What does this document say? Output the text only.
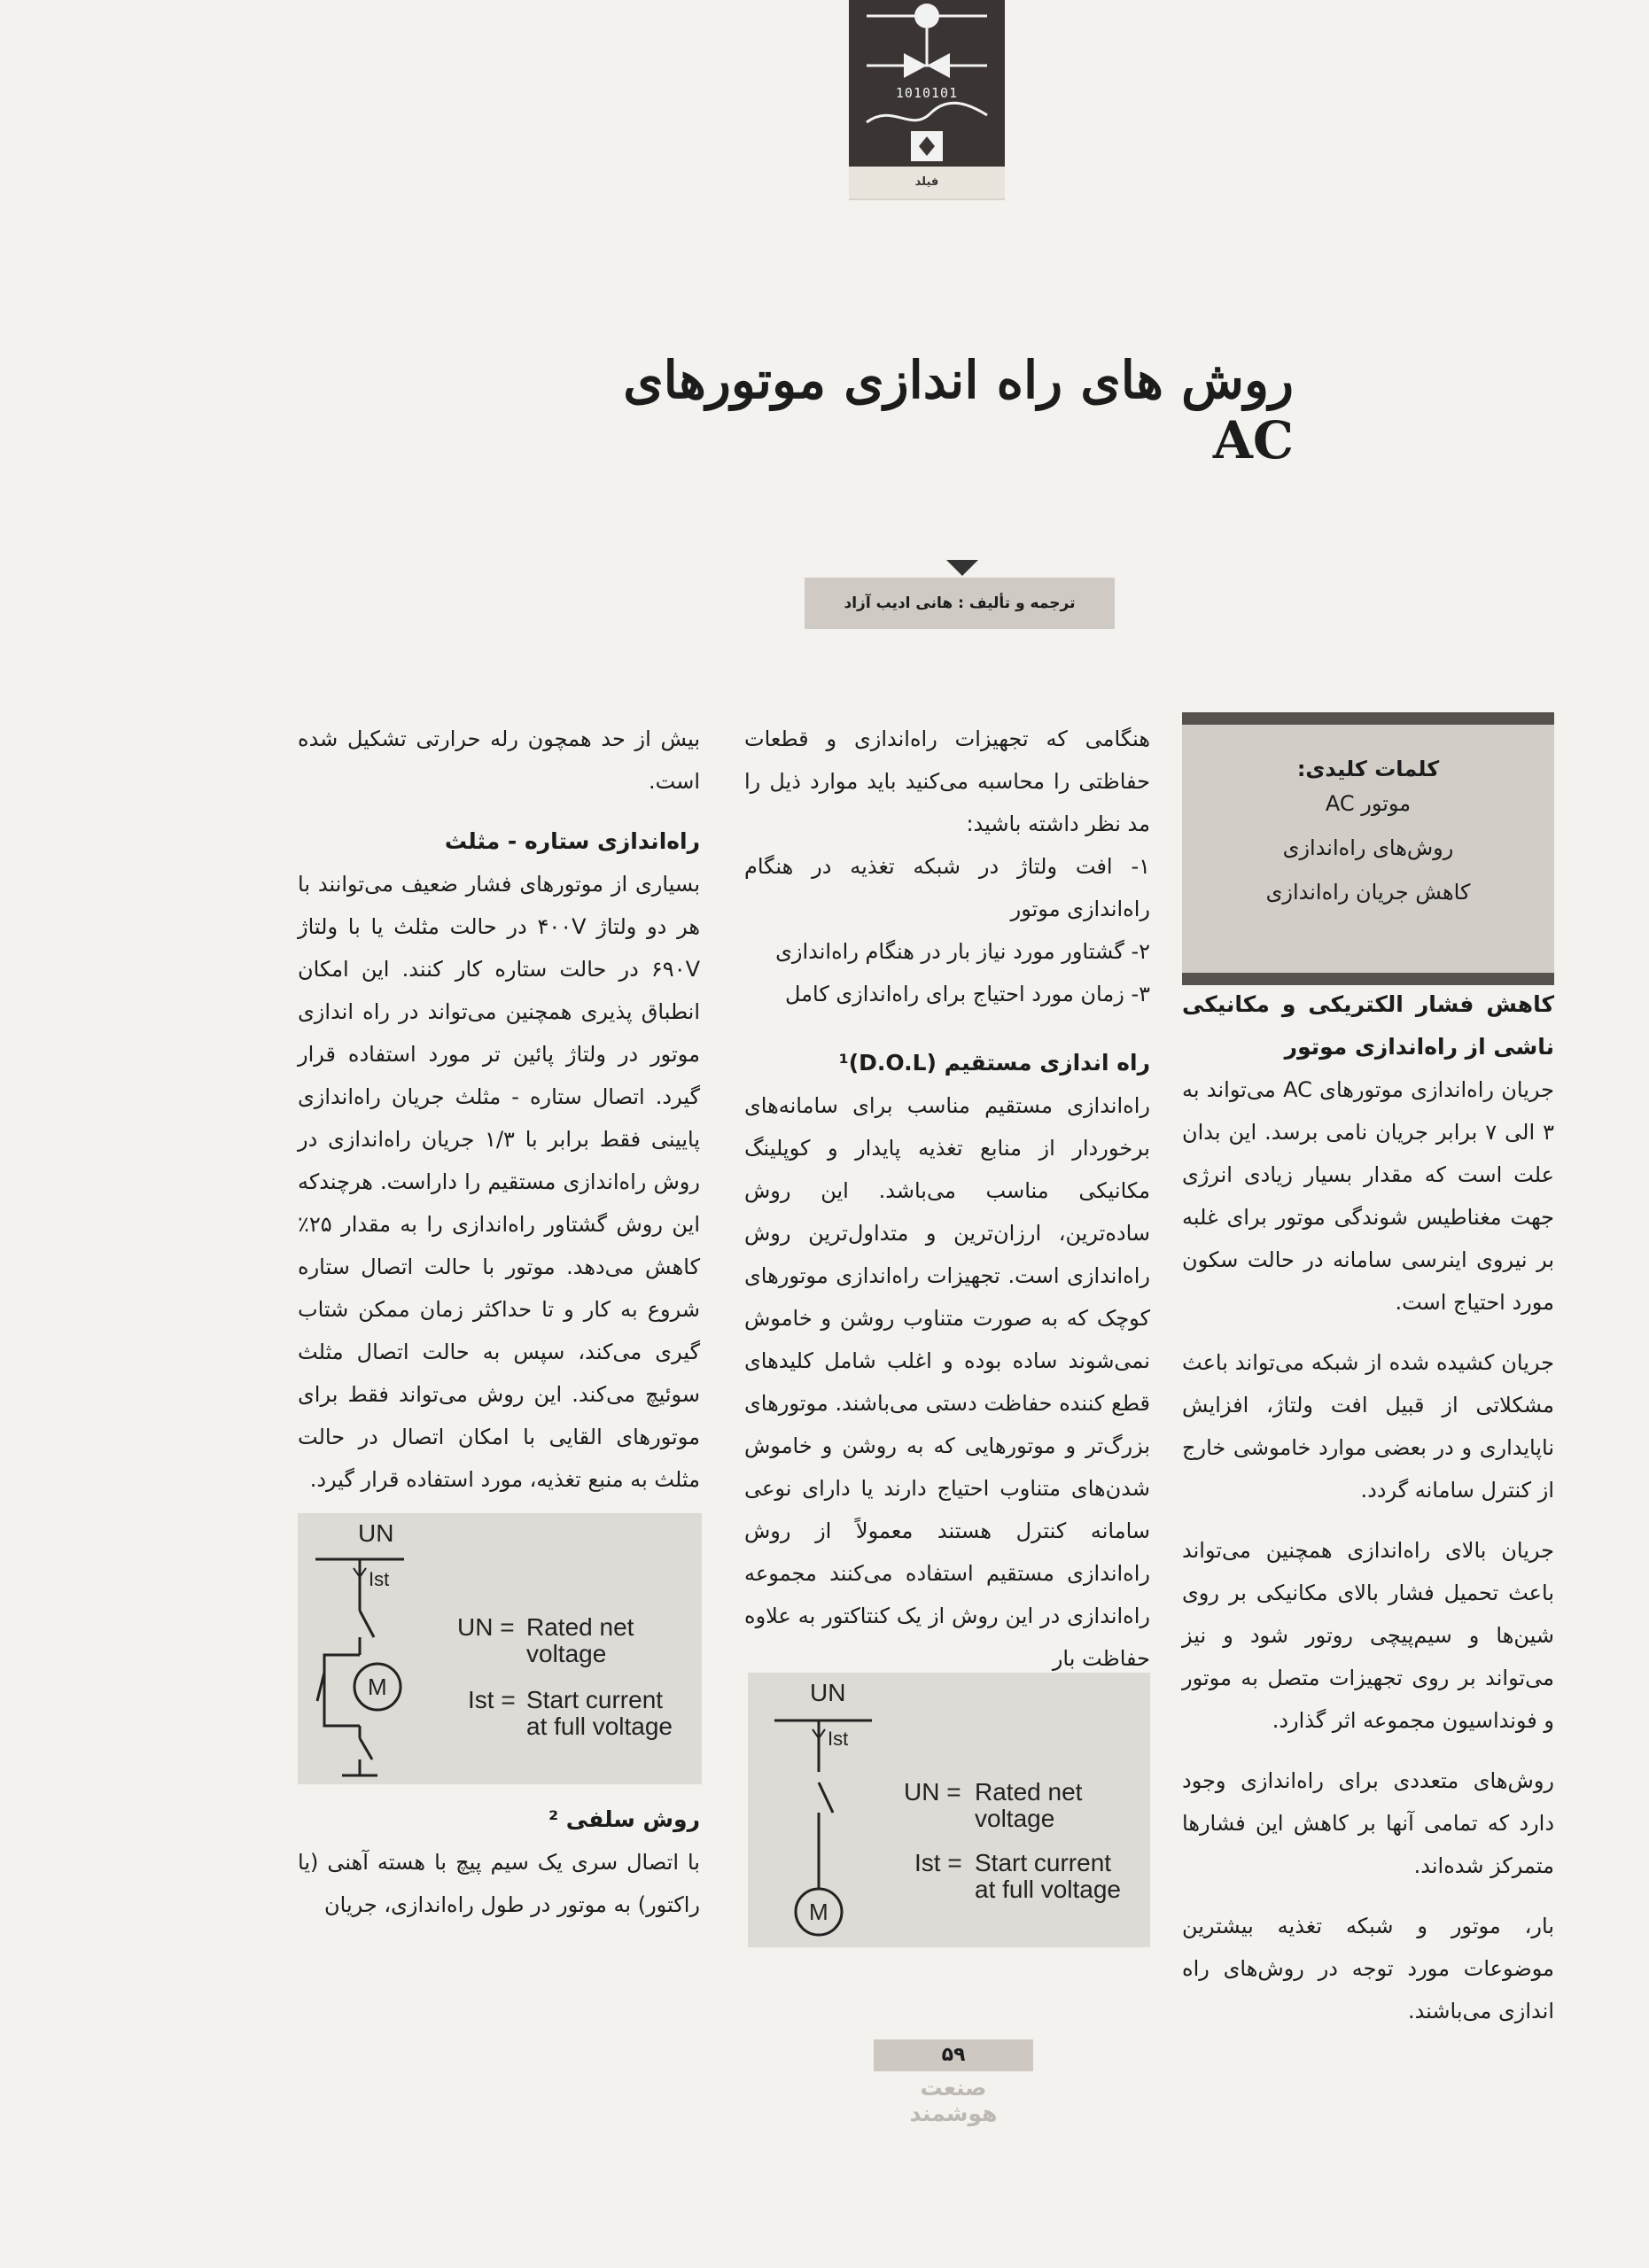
1010101
فیلد
روش های راه اندازی موتورهای AC
ترجمه و تألیف : هانی ادیب آزاد
کلمات کلیدی:
موتور AC
روش‌های راه‌اندازی
کاهش جریان راه‌اندازی
کاهش فشار الکتریکی و مکانیکی ناشی از راه‌اندازی موتور

جریان راه‌اندازی موتورهای AC می‌تواند به ۳ الی ۷ برابر جریان نامی برسد. این بدان علت است که مقدار بسیار زیادی انرژی جهت مغناطیس شوندگی موتور برای غلبه بر نیروی اینرسی سامانه در حالت سکون مورد احتیاج است.

جریان کشیده شده از شبکه می‌تواند باعث مشکلاتی از قبیل افت ولتاژ، افزایش ناپایداری و در بعضی موارد خاموشی خارج از کنترل سامانه گردد.

جریان بالای راه‌اندازی همچنین می‌تواند باعث تحمیل فشار بالای مکانیکی بر روی شین‌ها و سیم‌پیچی روتور شود و نیز می‌تواند بر روی تجهیزات متصل به موتور و فونداسیون مجموعه اثر گذارد.

روش‌های متعددی برای راه‌اندازی وجود دارد که تمامی آنها بر کاهش این فشارها متمرکز شده‌اند.

بار، موتور و شبکه تغذیه بیشترین موضوعات مورد توجه در روش‌های راه اندازی می‌باشند.

هنگامی که تجهیزات راه‌اندازی و قطعات حفاظتی را محاسبه می‌کنید باید موارد ذیل را مد نظر داشته باشید:

۱- افت ولتاژ در شبکه تغذیه در هنگام راه‌اندازی موتور

۲- گشتاور مورد نیاز بار در هنگام راه‌اندازی

۳- زمان مورد احتیاج برای راه‌اندازی کامل

راه اندازی مستقیم (D.O.L)¹

راه‌اندازی مستقیم مناسب برای سامانه‌های برخوردار از منابع تغذیه پایدار و کوپلینگ مکانیکی مناسب می‌باشد. این روش ساده‌ترین، ارزان‌ترین و متداول‌ترین روش راه‌اندازی است. تجهیزات راه‌اندازی موتورهای کوچک که به صورت متناوب روشن و خاموش نمی‌شوند ساده بوده و اغلب شامل کلیدهای قطع کننده حفاظت دستی می‌باشند. موتورهای بزرگ‌تر و موتورهایی که به روشن و خاموش شدن‌های متناوب احتیاج دارند یا دارای نوعی سامانه کنترل هستند معمولاً از روش راه‌اندازی مستقیم استفاده می‌کنند مجموعه راه‌اندازی در این روش از یک کنتاکتور به علاوه حفاظت بار

بیش از حد همچون رله حرارتی تشکیل شده است.

راه‌اندازی ستاره - مثلث

بسیاری از موتورهای فشار ضعیف می‌توانند با هر دو ولتاژ ۴۰۰V در حالت مثلث یا با ولتاژ ۶۹۰V در حالت ستاره کار کنند. این امکان انطباق پذیری همچنین می‌تواند در راه اندازی موتور در ولتاژ پائین تر مورد استفاده قرار گیرد. اتصال ستاره - مثلث جریان راه‌اندازی پایینی فقط برابر با ۱/۳ جریان راه‌اندازی در روش راه‌اندازی مستقیم را داراست. هرچندکه این روش گشتاور راه‌اندازی را به مقدار ۲۵٪ کاهش می‌دهد. موتور با حالت اتصال ستاره شروع به کار و تا حداکثر زمان ممکن شتاب گیری می‌کند، سپس به حالت اتصال مثلث سوئیچ می‌کند. این روش می‌تواند فقط برای موتورهای القایی با امکان اتصال در حالت مثلث به منبع تغذیه، مورد استفاده قرار گیرد.

UN
Ist
M
UN = Rated net
voltage
Ist = Start current
at full voltage
روش سلفی ²

با اتصال سری یک سیم پیچ با هسته آهنی (یا راکتور) به موتور در طول راه‌اندازی، جریان

UN
Ist
M
UN = Rated net
voltage
Ist = Start current
at full voltage
۵۹
صنعت هوشمند
